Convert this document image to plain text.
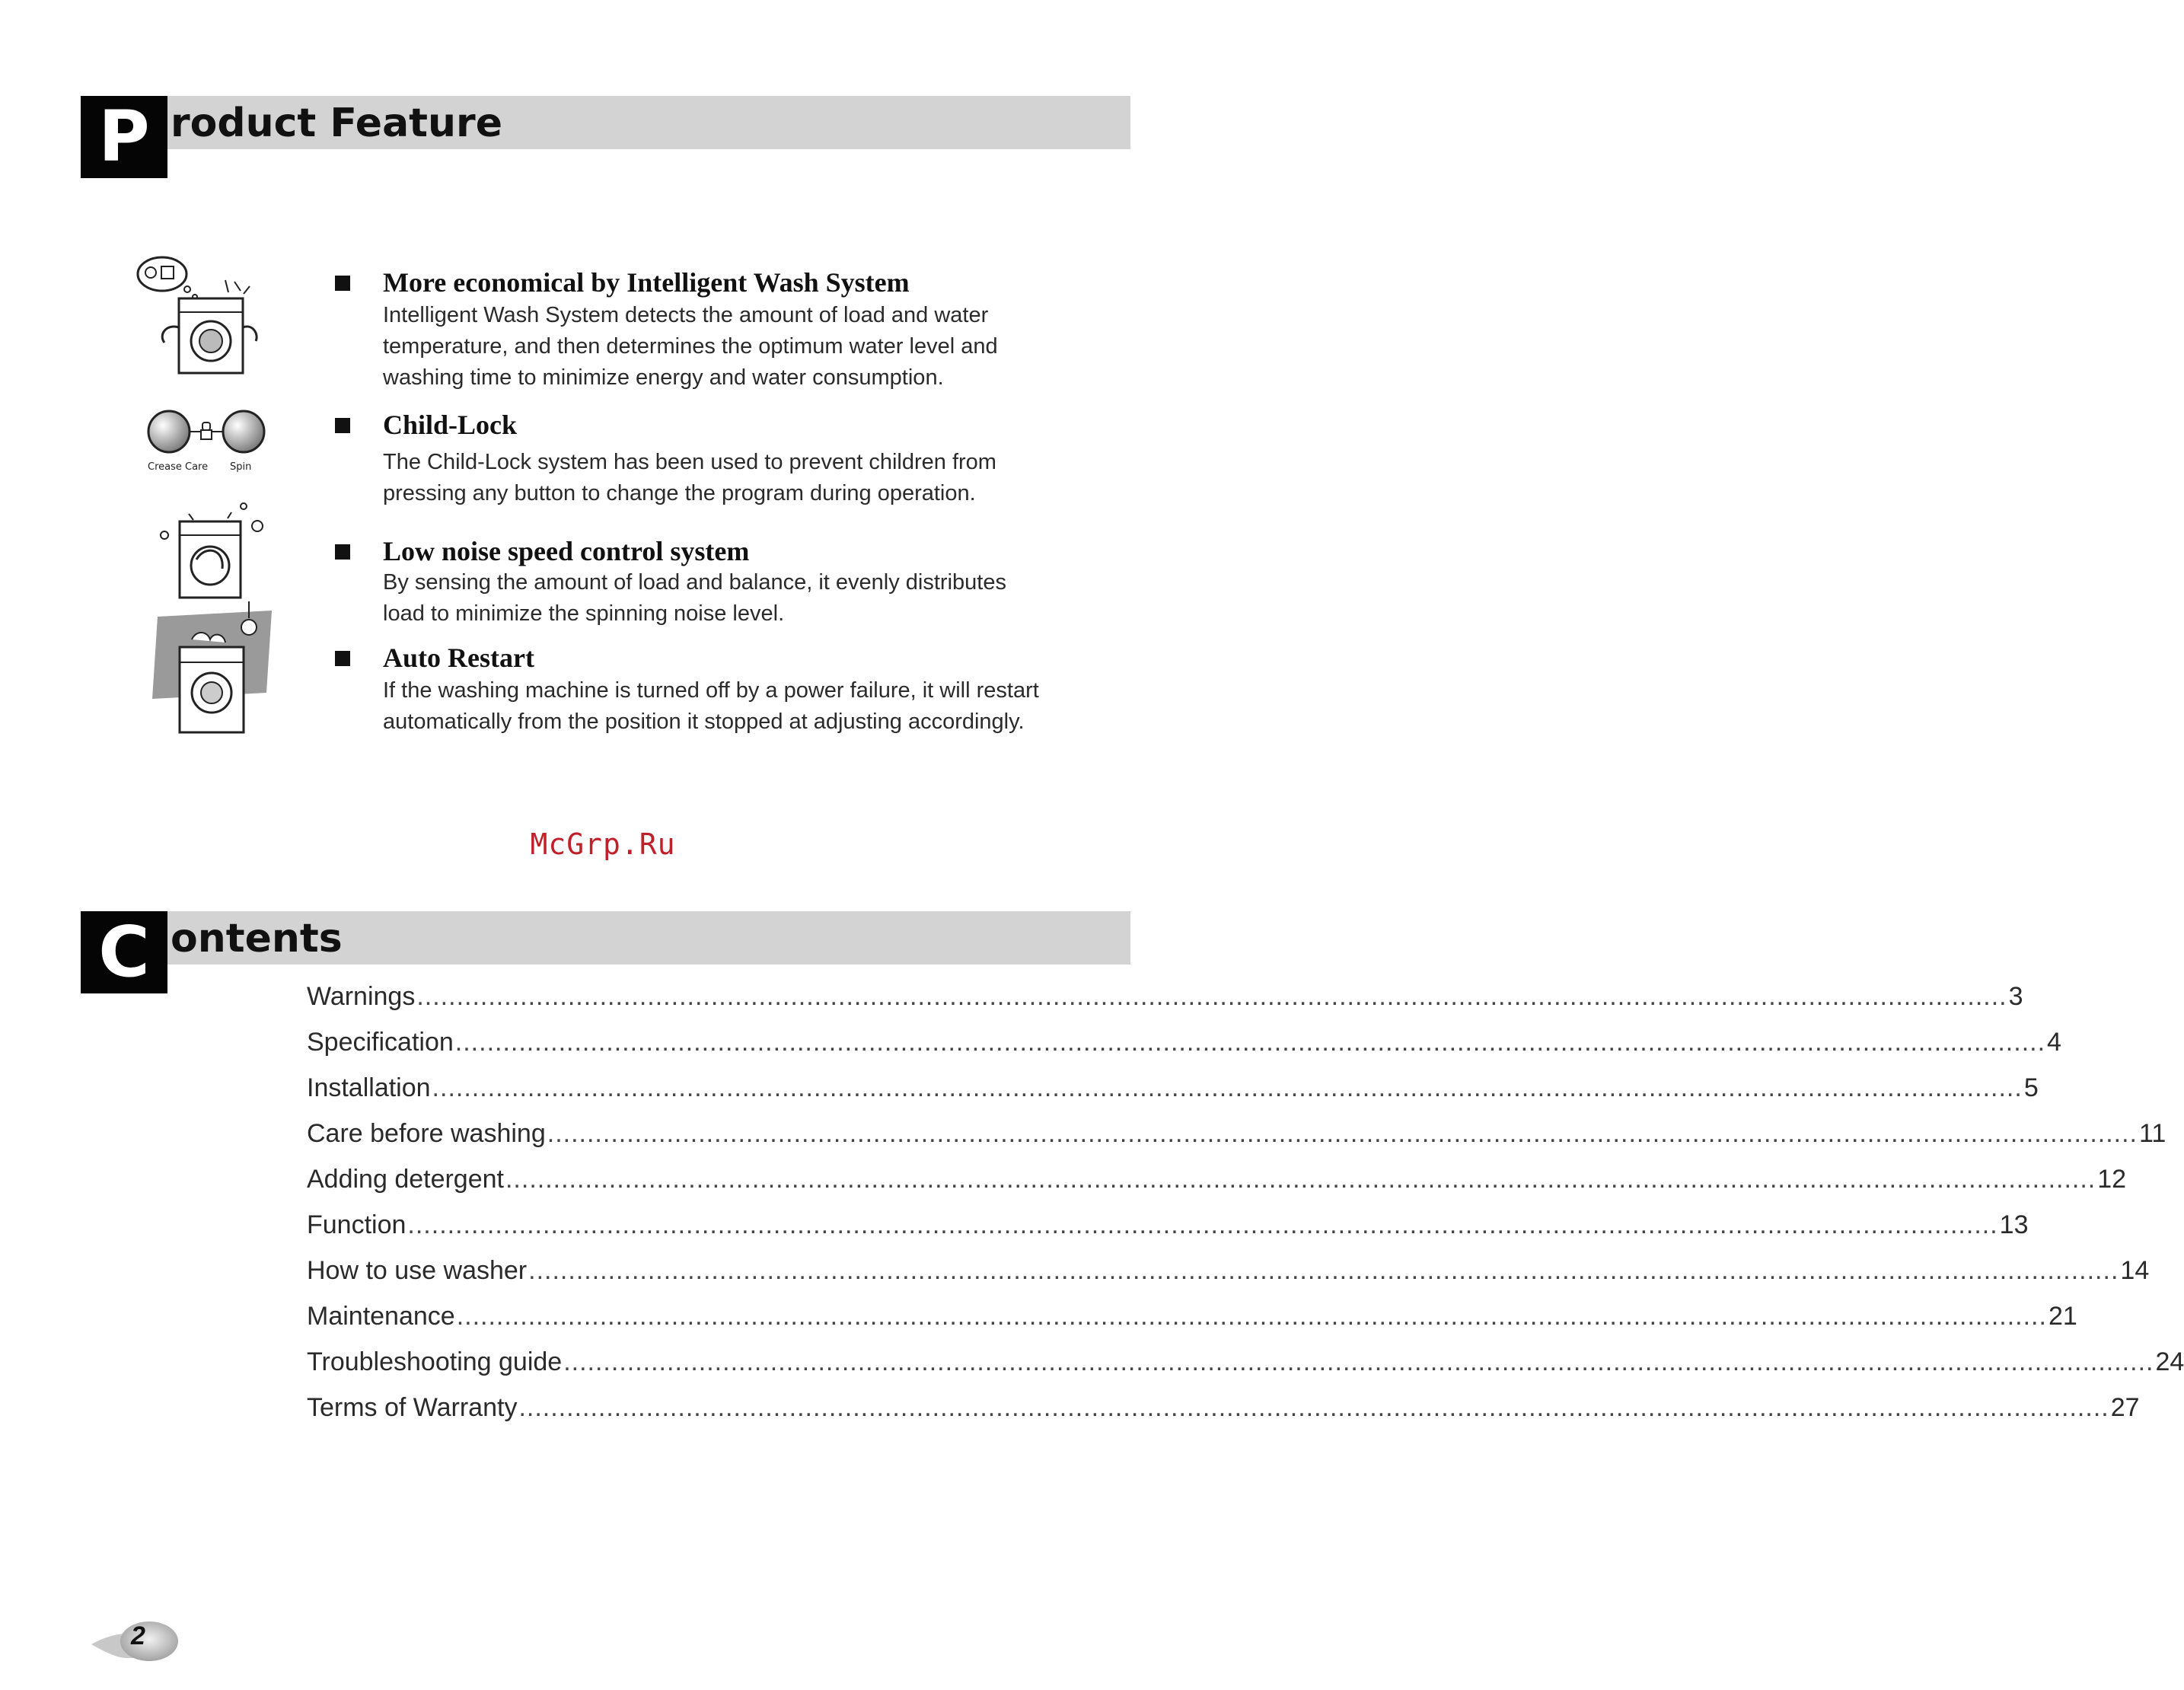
P roduct Feature
Crease Care Spin
More economical by Intelligent Wash System
Intelligent Wash System detects the amount of load and water
temperature, and then determines the optimum water level and
washing time to minimize energy and water consumption.
Child-Lock
The Child-Lock system has been used to prevent children from
pressing any button to change the program during operation.
Low noise speed control system
By sensing the amount of load and balance, it evenly distributes
load to minimize the spinning noise level.
Auto Restart
If the washing machine is turned off by a power failure, it will restart
automatically from the position it stopped at adjusting accordingly.
McGrp.Ru
C ontents
Warnings ........................................................................................................................................................................................................ 3
Specification ........................................................................................................................................................................................................ 4
Installation ........................................................................................................................................................................................................ 5
Care before washing ........................................................................................................................................................................................................ 11
Adding detergent ........................................................................................................................................................................................................ 12
Function ........................................................................................................................................................................................................ 13
How to use washer ........................................................................................................................................................................................................ 14
Maintenance ........................................................................................................................................................................................................ 21
Troubleshooting guide ........................................................................................................................................................................................................ 24
Terms of Warranty ........................................................................................................................................................................................................ 27
2
